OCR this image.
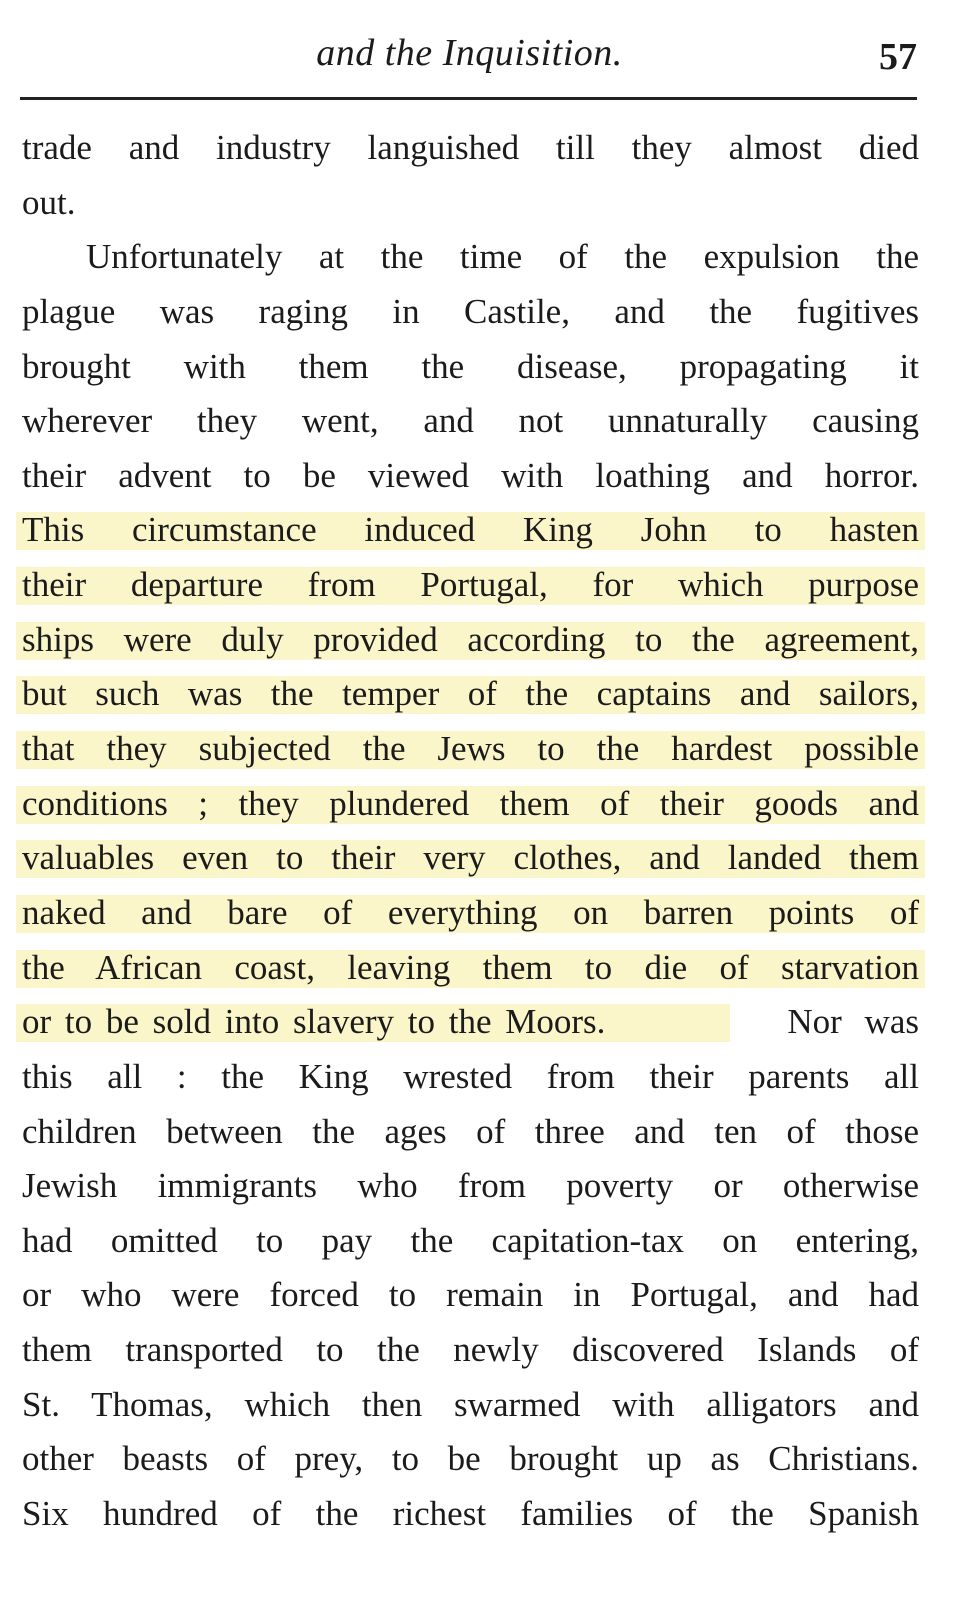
and the Inquisition.	57
trade and industry languished till they almost died
out.
Unfortunately at the time of the expulsion the
plague was raging in Castile, and the fugitives
brought with them the disease, propagating it
wherever they went, and not unnaturally causing
their advent to be viewed with loathing and horror.
This circumstance induced King John to hasten
their departure from Portugal, for which purpose
ships were duly provided according to the agreement,
but such was the temper of the captains and sailors,
that they subjected the Jews to the hardest possible
conditions ; they plundered them of their goods and
valuables even to their very clothes, and landed them
naked and bare of everything on barren points of
the African coast, leaving them to die of starvation
or to be sold into slavery to the Moors.	Nor was
this all : the King wrested from their parents all
children between the ages of three and ten of those
Jewish immigrants who from poverty or otherwise
had omitted to pay the capitation-tax on entering,
or who were forced to remain in Portugal, and had
them transported to the newly discovered Islands of
St. Thomas, which then swarmed with alligators and
other beasts of prey, to be brought up as Christians.
Six hundred of the richest families of the Spanish
